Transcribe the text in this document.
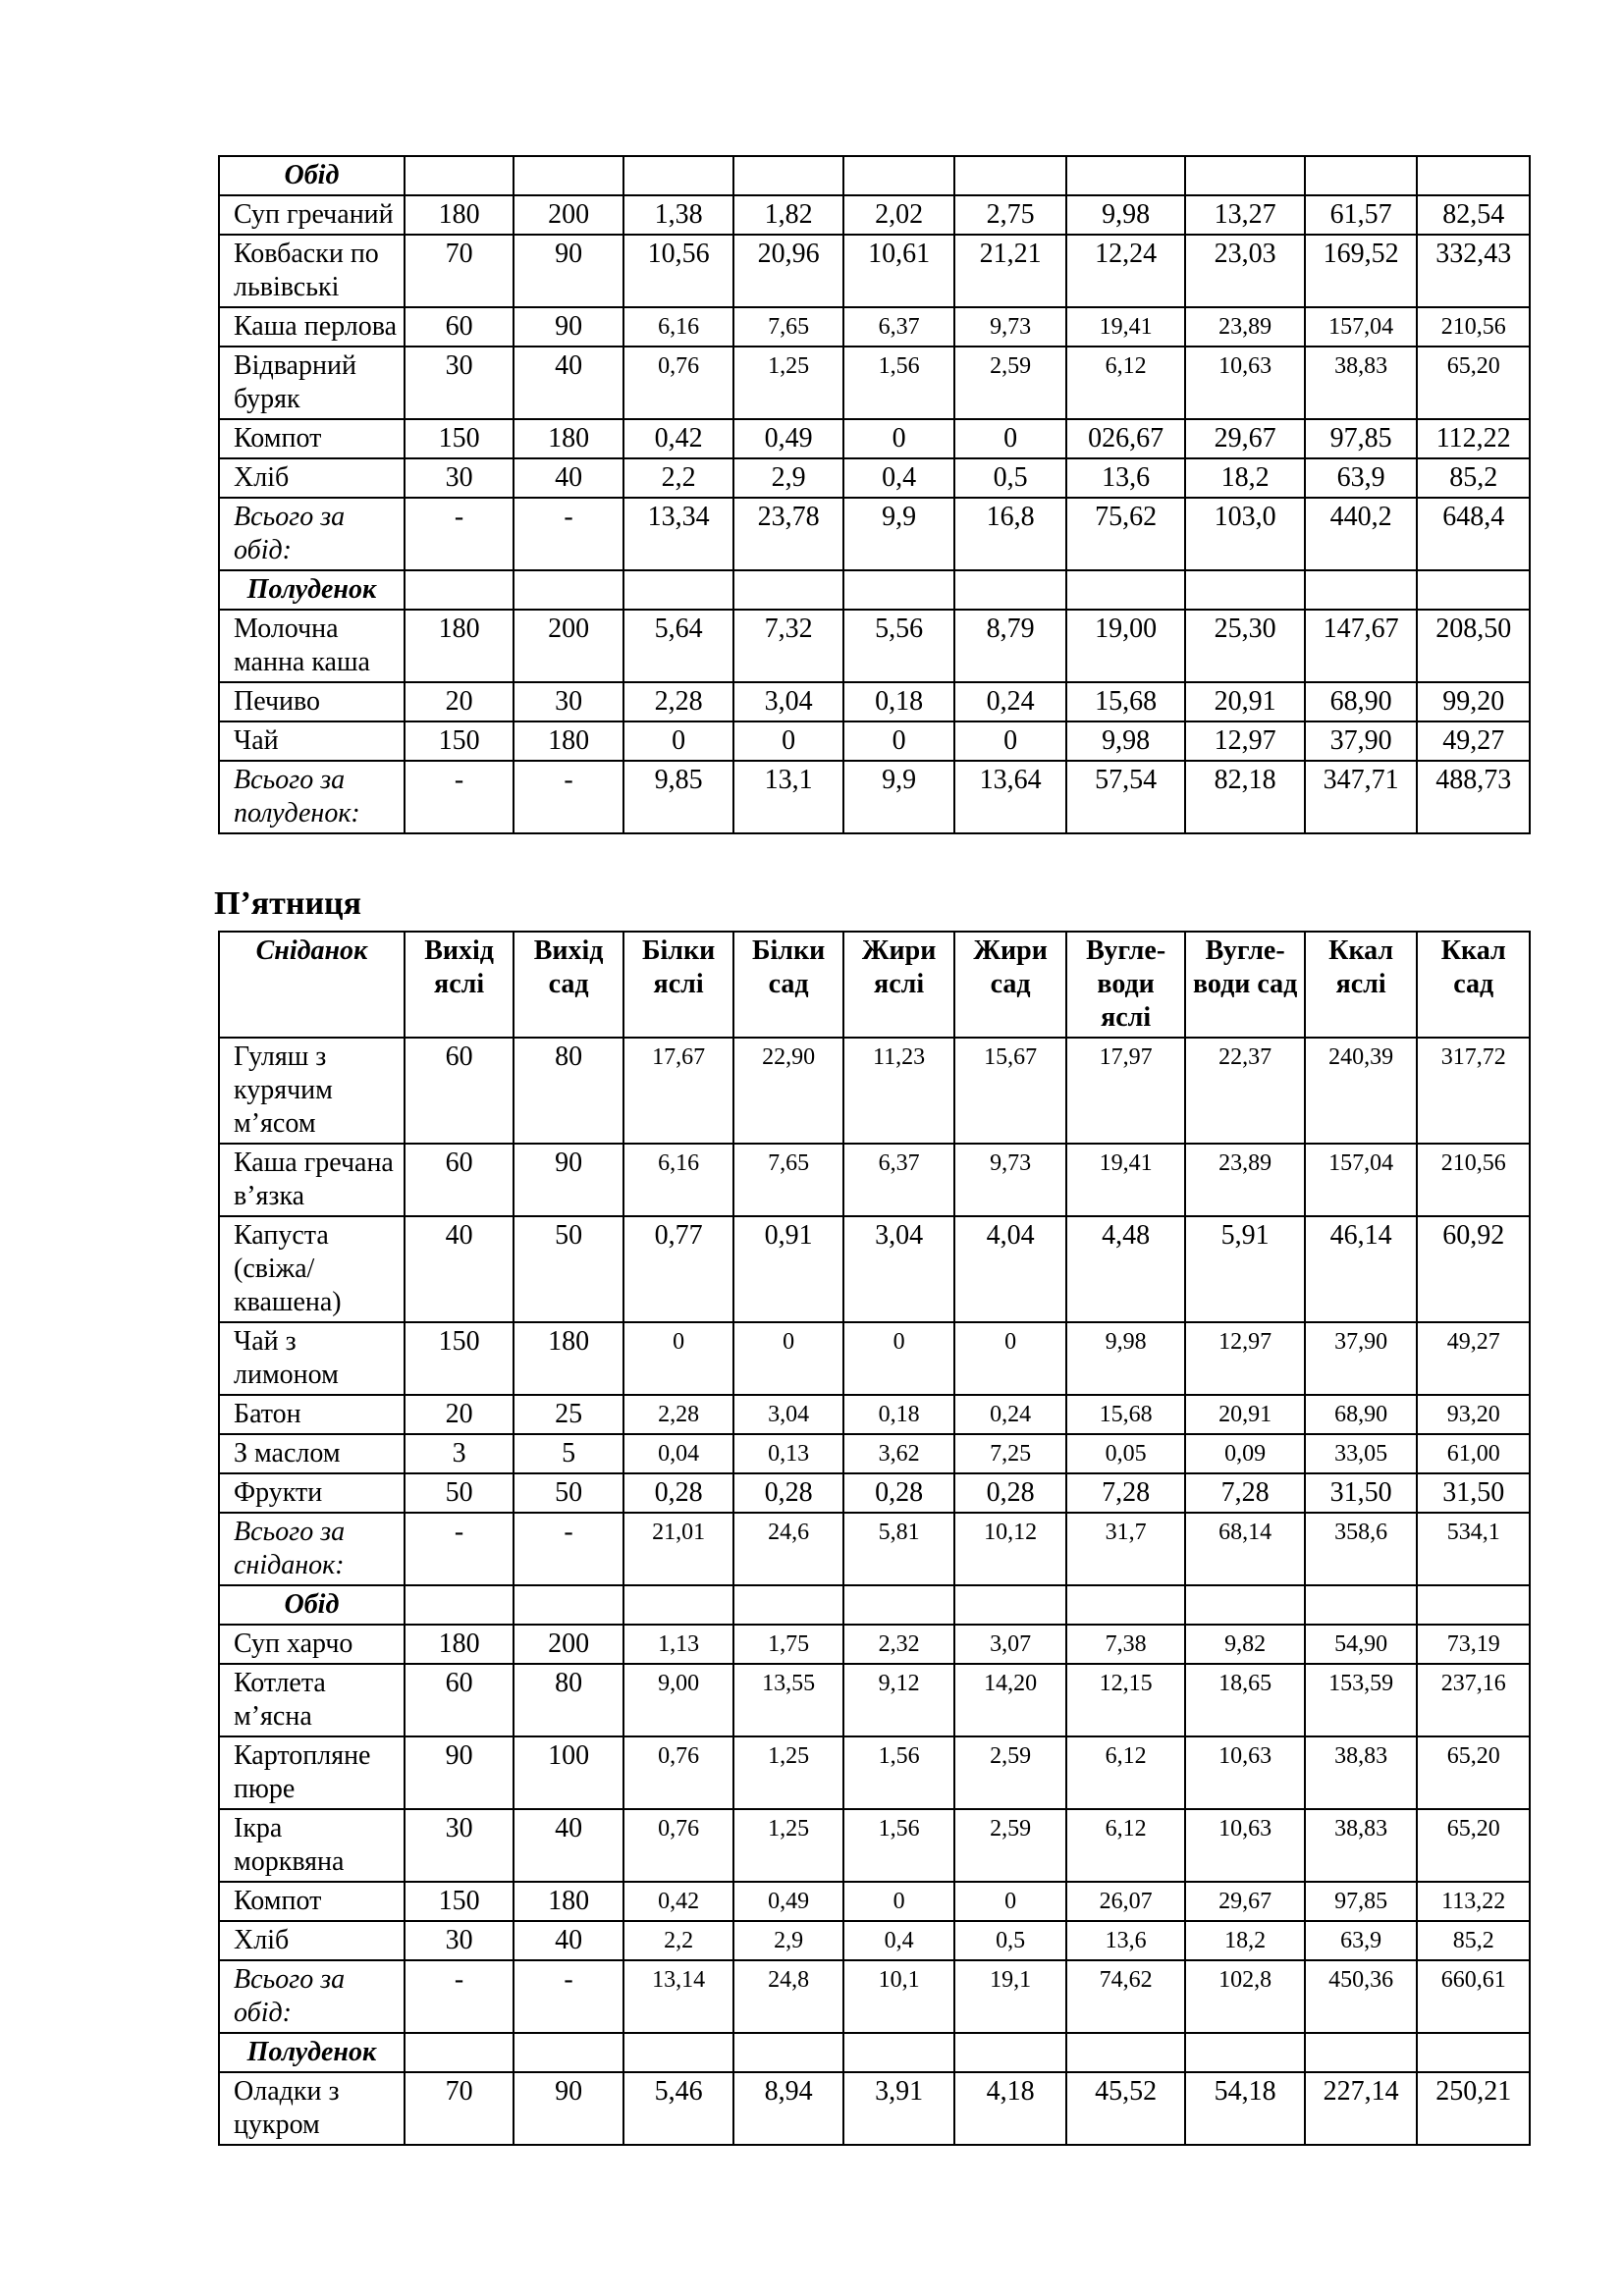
Обід										
Суп гречаний	180	200	1,38	1,82	2,02	2,75	9,98	13,27	61,57	82,54
Ковбаски по львівські	70	90	10,56	20,96	10,61	21,21	12,24	23,03	169,52	332,43
Каша перлова	60	90	6,16	7,65	6,37	9,73	19,41	23,89	157,04	210,56
Відварний буряк	30	40	0,76	1,25	1,56	2,59	6,12	10,63	38,83	65,20
Компот	150	180	0,42	0,49	0	0	026,67	29,67	97,85	112,22
Хліб	30	40	2,2	2,9	0,4	0,5	13,6	18,2	63,9	85,2
Всього за обід:	-	-	13,34	23,78	9,9	16,8	75,62	103,0	440,2	648,4
Полуденок										
Молочна манна каша	180	200	5,64	7,32	5,56	8,79	19,00	25,30	147,67	208,50
Печиво	20	30	2,28	3,04	0,18	0,24	15,68	20,91	68,90	99,20
Чай	150	180	0	0	0	0	9,98	12,97	37,90	49,27
Всього за полуденок:	-	-	9,85	13,1	9,9	13,64	57,54	82,18	347,71	488,73
П’ятниця
Сніданок	Вихід яслі	Вихід сад	Білки яслі	Білки сад	Жири яслі	Жири сад	Вугле-води яслі	Вугле-води сад	Ккал яслі	Ккал сад
Гуляш з курячим м’ясом	60	80	17,67	22,90	11,23	15,67	17,97	22,37	240,39	317,72
Каша гречана в’язка	60	90	6,16	7,65	6,37	9,73	19,41	23,89	157,04	210,56
Капуста (свіжа/ квашена)	40	50	0,77	0,91	3,04	4,04	4,48	5,91	46,14	60,92
Чай з лимоном	150	180	0	0	0	0	9,98	12,97	37,90	49,27
Батон	20	25	2,28	3,04	0,18	0,24	15,68	20,91	68,90	93,20
З маслом	3	5	0,04	0,13	3,62	7,25	0,05	0,09	33,05	61,00
Фрукти	50	50	0,28	0,28	0,28	0,28	7,28	7,28	31,50	31,50
Всього за сніданок:	-	-	21,01	24,6	5,81	10,12	31,7	68,14	358,6	534,1
Обід										
Суп харчо	180	200	1,13	1,75	2,32	3,07	7,38	9,82	54,90	73,19
Котлета м’ясна	60	80	9,00	13,55	9,12	14,20	12,15	18,65	153,59	237,16
Картопляне пюре	90	100	0,76	1,25	1,56	2,59	6,12	10,63	38,83	65,20
Ікра морквяна	30	40	0,76	1,25	1,56	2,59	6,12	10,63	38,83	65,20
Компот	150	180	0,42	0,49	0	0	26,07	29,67	97,85	113,22
Хліб	30	40	2,2	2,9	0,4	0,5	13,6	18,2	63,9	85,2
Всього за обід:	-	-	13,14	24,8	10,1	19,1	74,62	102,8	450,36	660,61
Полуденок										
Оладки з цукром	70	90	5,46	8,94	3,91	4,18	45,52	54,18	227,14	250,21
